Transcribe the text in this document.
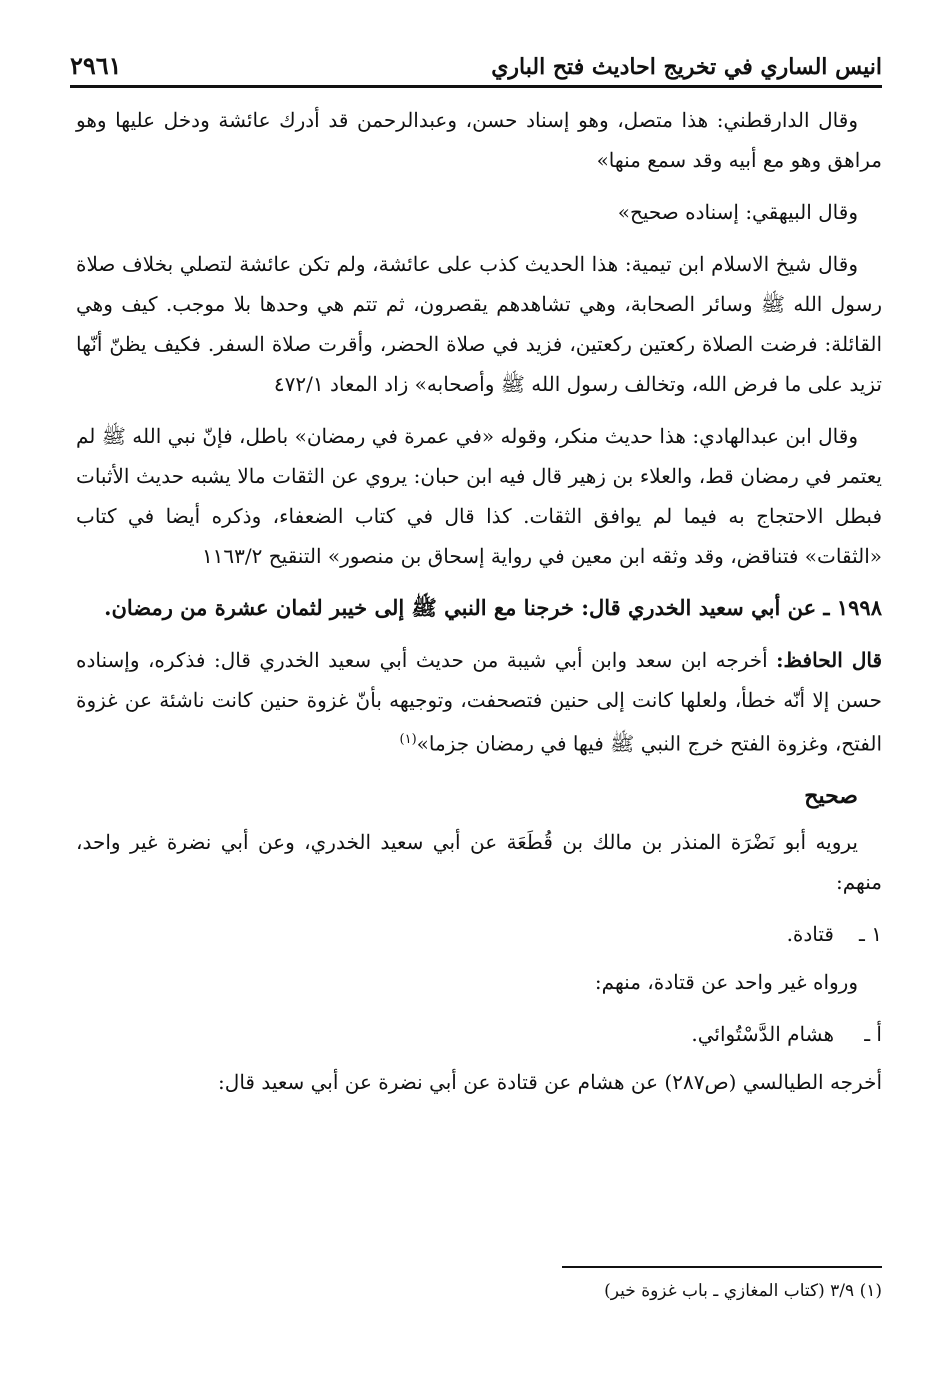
٢٩٦١	انيس الساري في تخريج احاديث فتح الباري

وقال الدارقطني: هذا متصل، وهو إسناد حسن، وعبدالرحمن قد أدرك عائشة ودخل عليها وهو مراهق وهو مع أبيه وقد سمع منها»

وقال البيهقي: إسناده صحيح»

وقال شيخ الاسلام ابن تيمية: هذا الحديث كذب على عائشة، ولم تكن عائشة لتصلي بخلاف صلاة رسول الله ﷺ وسائر الصحابة، وهي تشاهدهم يقصرون، ثم تتم هي وحدها بلا موجب. كيف وهي القائلة: فرضت الصلاة ركعتين ركعتين، فزيد في صلاة الحضر، وأقرت صلاة السفر. فكيف يظنّ أنّها تزيد على ما فرض الله، وتخالف رسول الله ﷺ وأصحابه» زاد المعاد ٤٧٢/١

وقال ابن عبدالهادي: هذا حديث منكر، وقوله «في عمرة في رمضان» باطل، فإنّ نبي الله ﷺ لم يعتمر في رمضان قط، والعلاء بن زهير قال فيه ابن حبان: يروي عن الثقات مالا يشبه حديث الأثبات فبطل الاحتجاج به فيما لم يوافق الثقات. كذا قال في كتاب الضعفاء، وذكره أيضا في كتاب «الثقات» فتناقض، وقد وثقه ابن معين في رواية إسحاق بن منصور» التنقيح ١١٦٣/٢

١٩٩٨ ـ عن أبي سعيد الخدري قال: خرجنا مع النبي ﷺ إلى خيبر لثمان عشرة من رمضان.

قال الحافظ: أخرجه ابن سعد وابن أبي شيبة من حديث أبي سعيد الخدري قال: فذكره، وإسناده حسن إلا أنّه خطأ، ولعلها كانت إلى حنين فتصحفت، وتوجيهه بأنّ غزوة حنين كانت ناشئة عن غزوة الفتح، وغزوة الفتح خرج النبي ﷺ فيها في رمضان جزما»$^{(١)}$

صحيح

يرويه أبو نَضْرَة المنذر بن مالك بن قُطَعَة عن أبي سعيد الخدري، وعن أبي نضرة غير واحد، منهم:

١ ـ
قتادة.

ورواه غير واحد عن قتادة، منهم:

أ ـ
هشام الدَّسْتُوائي.

أخرجه الطيالسي (ص٢٨٧) عن هشام عن قتادة عن أبي نضرة عن أبي سعيد قال:

(١) ٣/٩ (كتاب المغازي ـ باب غزوة خير)
